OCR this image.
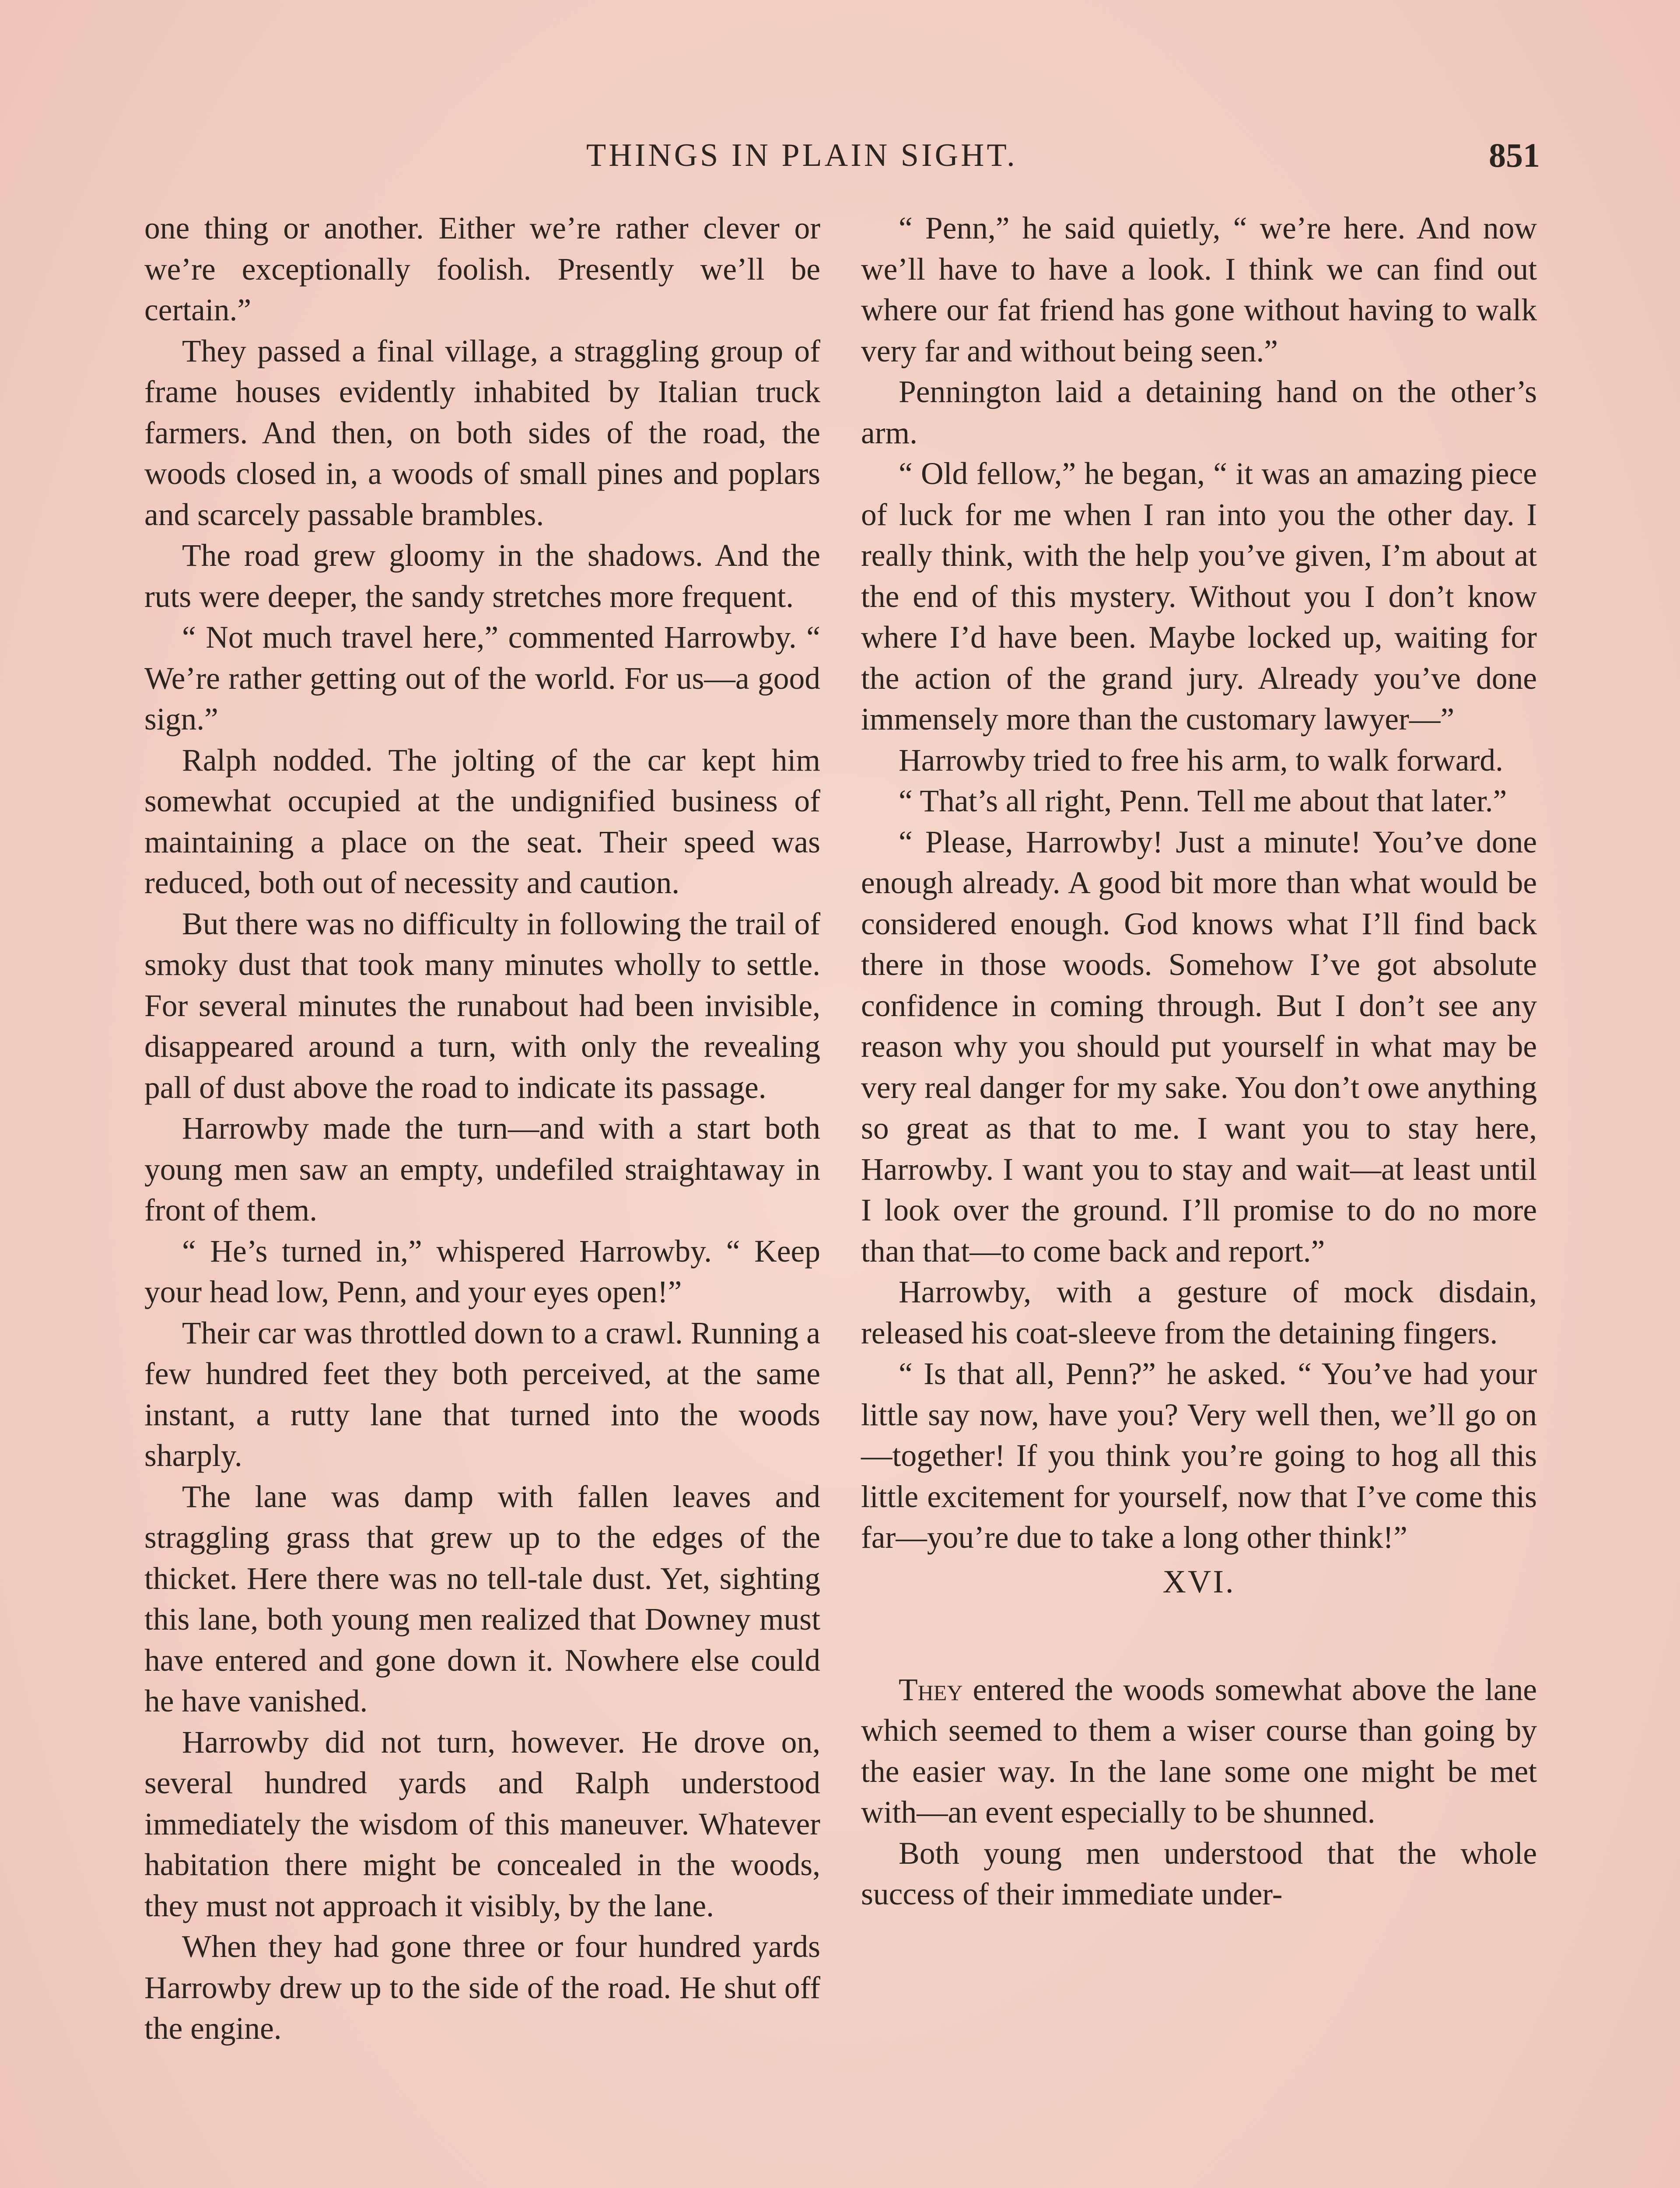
THINGS IN PLAIN SIGHT.	851

one thing or another. Either we’re rather clever or we’re exceptionally foolish. Presently we’ll be certain.”

They passed a final village, a straggling group of frame houses evidently inhabited by Italian truck farmers. And then, on both sides of the road, the woods closed in, a woods of small pines and poplars and scarcely passable brambles.

The road grew gloomy in the shadows. And the ruts were deeper, the sandy stretches more frequent.

“ Not much travel here,” commented Harrowby. “ We’re rather getting out of the world. For us—a good sign.”

Ralph nodded. The jolting of the car kept him somewhat occupied at the undignified business of maintaining a place on the seat. Their speed was reduced, both out of necessity and caution.

But there was no difficulty in following the trail of smoky dust that took many minutes wholly to settle. For several minutes the runabout had been invisible, disappeared around a turn, with only the revealing pall of dust above the road to indicate its passage.

Harrowby made the turn—and with a start both young men saw an empty, undefiled straightaway in front of them.

“ He’s turned in,” whispered Harrowby. “ Keep your head low, Penn, and your eyes open!”

Their car was throttled down to a crawl. Running a few hundred feet they both perceived, at the same instant, a rutty lane that turned into the woods sharply.

The lane was damp with fallen leaves and straggling grass that grew up to the edges of the thicket. Here there was no tell-tale dust. Yet, sighting this lane, both young men realized that Downey must have entered and gone down it. Nowhere else could he have vanished.

Harrowby did not turn, however. He drove on, several hundred yards and Ralph understood immediately the wisdom of this maneuver. Whatever habitation there might be concealed in the woods, they must not approach it visibly, by the lane.

When they had gone three or four hundred yards Harrowby drew up to the side of the road. He shut off the engine.

“ Penn,” he said quietly, “ we’re here. And now we’ll have to have a look. I think we can find out where our fat friend has gone without having to walk very far and without being seen.”

Pennington laid a detaining hand on the other’s arm.

“ Old fellow,” he began, “ it was an amazing piece of luck for me when I ran into you the other day. I really think, with the help you’ve given, I’m about at the end of this mystery. Without you I don’t know where I’d have been. Maybe locked up, waiting for the action of the grand jury. Already you’ve done immensely more than the customary lawyer—”

Harrowby tried to free his arm, to walk forward.

“ That’s all right, Penn. Tell me about that later.”

“ Please, Harrowby! Just a minute! You’ve done enough already. A good bit more than what would be considered enough. God knows what I’ll find back there in those woods. Somehow I’ve got absolute confidence in coming through. But I don’t see any reason why you should put yourself in what may be very real danger for my sake. You don’t owe anything so great as that to me. I want you to stay here, Harrowby. I want you to stay and wait—at least until I look over the ground. I’ll promise to do no more than that—to come back and report.”

Harrowby, with a gesture of mock disdain, released his coat-sleeve from the detaining fingers.

“ Is that all, Penn?” he asked. “ You’ve had your little say now, have you? Very well then, we’ll go on—together! If you think you’re going to hog all this little excitement for yourself, now that I’ve come this far—you’re due to take a long other think!”

XVI.

They entered the woods somewhat above the lane which seemed to them a wiser course than going by the easier way. In the lane some one might be met with—an event especially to be shunned.

Both young men understood that the whole success of their immediate under-
